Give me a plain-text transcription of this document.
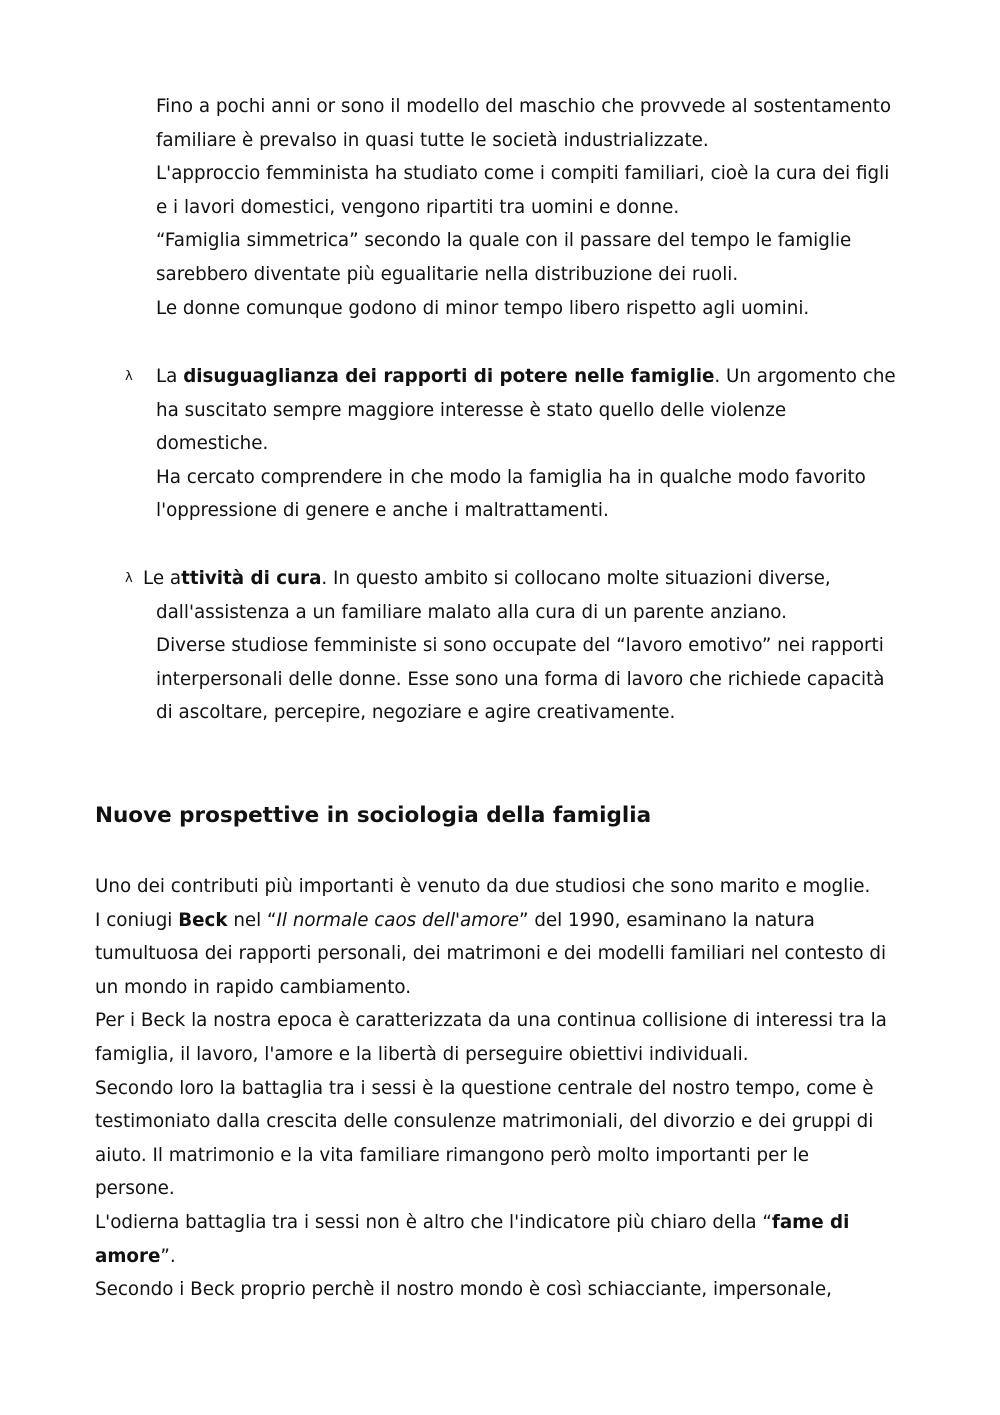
Fino a pochi anni or sono il modello del maschio che provvede al sostentamento
familiare è prevalso in quasi tutte le società industrializzate.
L'approccio femminista ha studiato come i compiti familiari, cioè la cura dei figli
e i lavori domestici, vengono ripartiti tra uomini e donne.
“Famiglia simmetrica” secondo la quale con il passare del tempo le famiglie
sarebbero diventate più egualitarie nella distribuzione dei ruoli.
Le donne comunque godono di minor tempo libero rispetto agli uomini.
λ La disuguaglianza dei rapporti di potere nelle famiglie. Un argomento che
ha suscitato sempre maggiore interesse è stato quello delle violenze
domestiche.
Ha cercato comprendere in che modo la famiglia ha in qualche modo favorito
l'oppressione di genere e anche i maltrattamenti.
λ Le attività di cura. In questo ambito si collocano molte situazioni diverse,
dall'assistenza a un familiare malato alla cura di un parente anziano.
Diverse studiose femministe si sono occupate del “lavoro emotivo” nei rapporti
interpersonali delle donne. Esse sono una forma di lavoro che richiede capacità
di ascoltare, percepire, negoziare e agire creativamente.
Nuove prospettive in sociologia della famiglia
Uno dei contributi più importanti è venuto da due studiosi che sono marito e moglie.
I coniugi Beck nel “Il normale caos dell'amore” del 1990, esaminano la natura
tumultuosa dei rapporti personali, dei matrimoni e dei modelli familiari nel contesto di
un mondo in rapido cambiamento.
Per i Beck la nostra epoca è caratterizzata da una continua collisione di interessi tra la
famiglia, il lavoro, l'amore e la libertà di perseguire obiettivi individuali.
Secondo loro la battaglia tra i sessi è la questione centrale del nostro tempo, come è
testimoniato dalla crescita delle consulenze matrimoniali, del divorzio e dei gruppi di
aiuto. Il matrimonio e la vita familiare rimangono però molto importanti per le
persone.
L'odierna battaglia tra i sessi non è altro che l'indicatore più chiaro della “fame di
amore”.
Secondo i Beck proprio perchè il nostro mondo è così schiacciante, impersonale,
